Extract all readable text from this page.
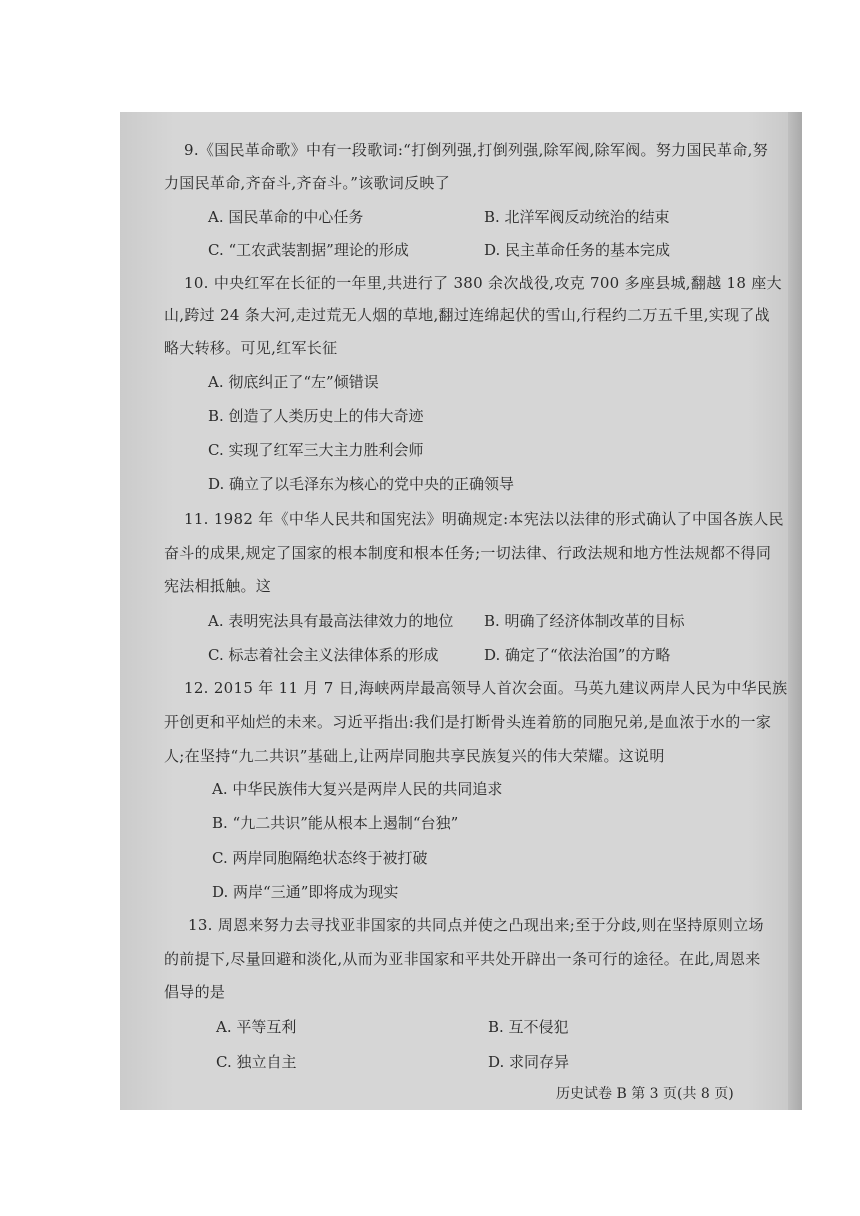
9.《国民革命歌》中有一段歌词:“打倒列强,打倒列强,除军阀,除军阀。努力国民革命,努
力国民革命,齐奋斗,齐奋斗。”该歌词反映了
A. 国民革命的中心任务	B. 北洋军阀反动统治的结束
C. “工农武装割据”理论的形成	D. 民主革命任务的基本完成
10. 中央红军在长征的一年里,共进行了 380 余次战役,攻克 700 多座县城,翻越 18 座大
山,跨过 24 条大河,走过荒无人烟的草地,翻过连绵起伏的雪山,行程约二万五千里,实现了战
略大转移。可见,红军长征
A. 彻底纠正了“左”倾错误
B. 创造了人类历史上的伟大奇迹
C. 实现了红军三大主力胜利会师
D. 确立了以毛泽东为核心的党中央的正确领导
11. 1982 年《中华人民共和国宪法》明确规定:本宪法以法律的形式确认了中国各族人民
奋斗的成果,规定了国家的根本制度和根本任务;一切法律、行政法规和地方性法规都不得同
宪法相抵触。这
A. 表明宪法具有最高法律效力的地位 B. 明确了经济体制改革的目标
C. 标志着社会主义法律体系的形成	D. 确定了“依法治国”的方略
12. 2015 年 11 月 7 日,海峡两岸最高领导人首次会面。马英九建议两岸人民为中华民族
开创更和平灿烂的未来。习近平指出:我们是打断骨头连着筋的同胞兄弟,是血浓于水的一家
人;在坚持“九二共识”基础上,让两岸同胞共享民族复兴的伟大荣耀。这说明
A. 中华民族伟大复兴是两岸人民的共同追求
B. “九二共识”能从根本上遏制“台独”
C. 两岸同胞隔绝状态终于被打破
D. 两岸“三通”即将成为现实
13. 周恩来努力去寻找亚非国家的共同点并使之凸现出来;至于分歧,则在坚持原则立场
的前提下,尽量回避和淡化,从而为亚非国家和平共处开辟出一条可行的途径。在此,周恩来
倡导的是
A. 平等互利	B. 互不侵犯
C. 独立自主	D. 求同存异
历史试卷 B 第 3 页(共 8 页)
